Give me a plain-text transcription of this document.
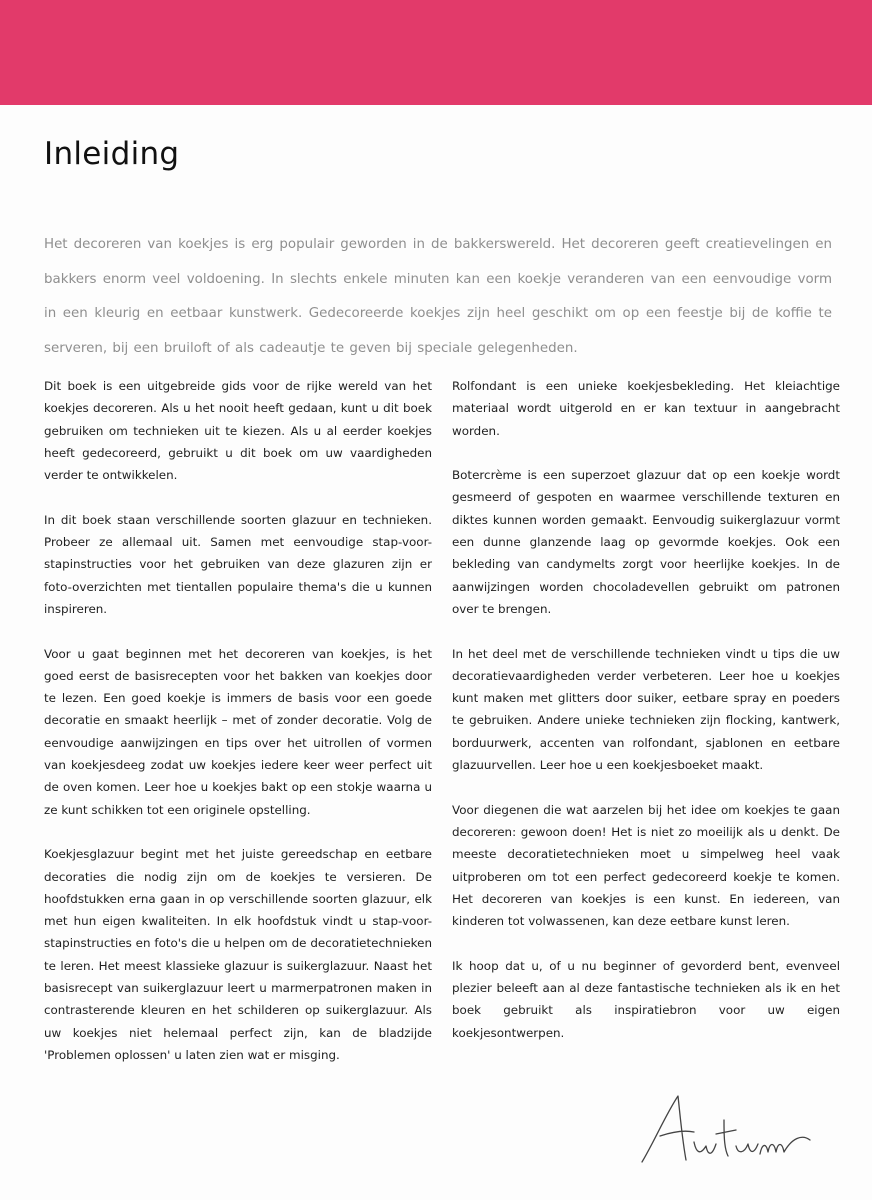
Inleiding

Het decoreren van koekjes is erg populair geworden in de bakkerswereld. Het decoreren geeft creatievelingen en bakkers enorm veel voldoening. In slechts enkele minuten kan een koekje veranderen van een eenvoudige vorm in een kleurig en eetbaar kunstwerk. Gedecoreerde koekjes zijn heel geschikt om op een feestje bij de koffie te serveren, bij een bruiloft of als cadeautje te geven bij speciale gelegenheden.

Dit boek is een uitgebreide gids voor de rijke wereld van het koekjes decoreren. Als u het nooit heeft gedaan, kunt u dit boek gebruiken om technieken uit te kiezen. Als u al eerder koekjes heeft gedecoreerd, gebruikt u dit boek om uw vaardigheden verder te ontwikkelen.

In dit boek staan verschillende soorten glazuur en technieken. Probeer ze allemaal uit. Samen met eenvoudige stap-voor-stapinstructies voor het gebruiken van deze glazuren zijn er foto-overzichten met tientallen populaire thema's die u kunnen inspireren.

Voor u gaat beginnen met het decoreren van koekjes, is het goed eerst de basisrecepten voor het bakken van koekjes door te lezen. Een goed koekje is immers de basis voor een goede decoratie en smaakt heerlijk – met of zonder decoratie. Volg de eenvoudige aanwijzingen en tips over het uitrollen of vormen van koekjesdeeg zodat uw koekjes iedere keer weer perfect uit de oven komen. Leer hoe u koekjes bakt op een stokje waarna u ze kunt schikken tot een originele opstelling.

Koekjesglazuur begint met het juiste gereedschap en eetbare decoraties die nodig zijn om de koekjes te versieren. De hoofdstukken erna gaan in op verschillende soorten glazuur, elk met hun eigen kwaliteiten. In elk hoofdstuk vindt u stap-voor-stapinstructies en foto's die u helpen om de decoratietechnieken te leren. Het meest klassieke glazuur is suikerglazuur. Naast het basisrecept van suikerglazuur leert u marmerpatronen maken in contrasterende kleuren en het schilderen op suikerglazuur. Als uw koekjes niet helemaal perfect zijn, kan de bladzijde 'Problemen oplossen' u laten zien wat er misging.

Rolfondant is een unieke koekjesbekleding. Het kleiachtige materiaal wordt uitgerold en er kan textuur in aangebracht worden.

Botercrème is een superzoet glazuur dat op een koekje wordt gesmeerd of gespoten en waarmee verschillende texturen en diktes kunnen worden gemaakt. Eenvoudig suikerglazuur vormt een dunne glanzende laag op gevormde koekjes. Ook een bekleding van candymelts zorgt voor heerlijke koekjes. In de aanwijzingen worden chocoladevellen gebruikt om patronen over te brengen.

In het deel met de verschillende technieken vindt u tips die uw decoratievaardigheden verder verbeteren. Leer hoe u koekjes kunt maken met glitters door suiker, eetbare spray en poeders te gebruiken. Andere unieke technieken zijn flocking, kantwerk, borduurwerk, accenten van rolfondant, sjablonen en eetbare glazuurvellen. Leer hoe u een koekjesboeket maakt.

Voor diegenen die wat aarzelen bij het idee om koekjes te gaan decoreren: gewoon doen! Het is niet zo moeilijk als u denkt. De meeste decoratietechnieken moet u simpelweg heel vaak uitproberen om tot een perfect gedecoreerd koekje te komen. Het decoreren van koekjes is een kunst. En iedereen, van kinderen tot volwassenen, kan deze eetbare kunst leren.

Ik hoop dat u, of u nu beginner of gevorderd bent, evenveel plezier beleeft aan al deze fantastische technieken als ik en het boek gebruikt als inspiratiebron voor uw eigen koekjesontwerpen.
